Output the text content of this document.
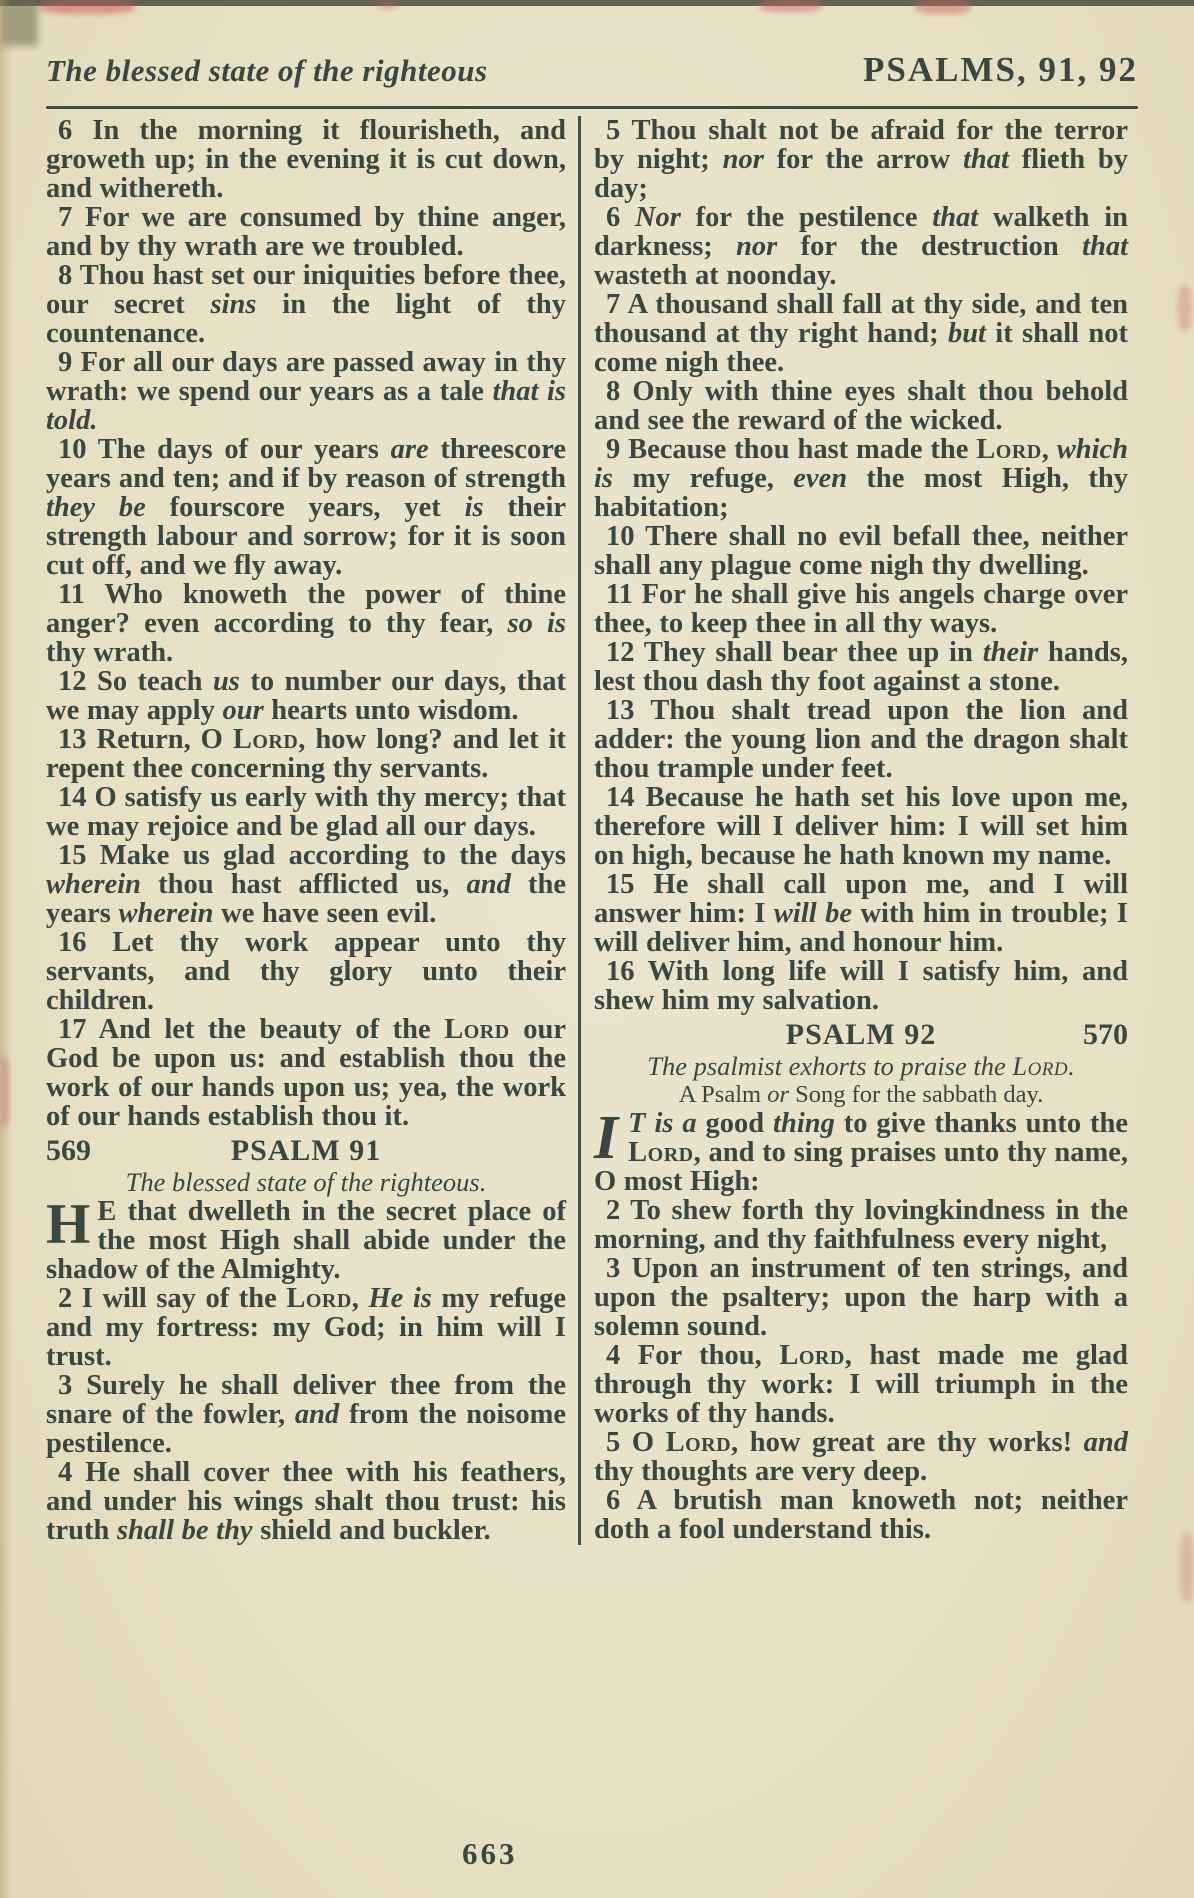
The blessed state of the righteous	PSALMS, 91, 92

6 In the morning it flourisheth, and groweth up; in the evening it is cut down, and withereth.

7 For we are consumed by thine anger, and by thy wrath are we troubled.

8 Thou hast set our iniquities before thee, our secret sins in the light of thy countenance.

9 For all our days are passed away in thy wrath: we spend our years as a tale that is told.

10 The days of our years are threescore years and ten; and if by reason of strength they be fourscore years, yet is their strength labour and sorrow; for it is soon cut off, and we fly away.

11 Who knoweth the power of thine anger? even according to thy fear, so is thy wrath.

12 So teach us to number our days, that we may apply our hearts unto wisdom.

13 Return, O Lord, how long? and let it repent thee concerning thy servants.

14 O satisfy us early with thy mercy; that we may rejoice and be glad all our days.

15 Make us glad according to the days wherein thou hast afflicted us, and the years wherein we have seen evil.

16 Let thy work appear unto thy servants, and thy glory unto their children.

17 And let the beauty of the Lord our God be upon us: and establish thou the work of our hands upon us; yea, the work of our hands establish thou it.

569	PSALM 91

The blessed state of the righteous.

H E that dwelleth in the secret place of the most High shall abide under the shadow of the Almighty.

2 I will say of the Lord, He is my refuge and my fortress: my God; in him will I trust.

3 Surely he shall deliver thee from the snare of the fowler, and from the noisome pestilence.

4 He shall cover thee with his feathers, and under his wings shalt thou trust: his truth shall be thy shield and buckler.

5 Thou shalt not be afraid for the terror by night; nor for the arrow that flieth by day;

6 Nor for the pestilence that walketh in darkness; nor for the destruction that wasteth at noonday.

7 A thousand shall fall at thy side, and ten thousand at thy right hand; but it shall not come nigh thee.

8 Only with thine eyes shalt thou behold and see the reward of the wicked.

9 Because thou hast made the Lord, which is my refuge, even the most High, thy habitation;

10 There shall no evil befall thee, neither shall any plague come nigh thy dwelling.

11 For he shall give his angels charge over thee, to keep thee in all thy ways.

12 They shall bear thee up in their hands, lest thou dash thy foot against a stone.

13 Thou shalt tread upon the lion and adder: the young lion and the dragon shalt thou trample under feet.

14 Because he hath set his love upon me, therefore will I deliver him: I will set him on high, because he hath known my name.

15 He shall call upon me, and I will answer him: I will be with him in trouble; I will deliver him, and honour him.

16 With long life will I satisfy him, and shew him my salvation.

PSALM 92	570

The psalmist exhorts to praise the Lord.

A Psalm or Song for the sabbath day.

I T is a good thing to give thanks unto the Lord, and to sing praises unto thy name, O most High:

2 To shew forth thy lovingkindness in the morning, and thy faithfulness every night,

3 Upon an instrument of ten strings, and upon the psaltery; upon the harp with a solemn sound.

4 For thou, Lord, hast made me glad through thy work: I will triumph in the works of thy hands.

5 O Lord, how great are thy works! and thy thoughts are very deep.

6 A brutish man knoweth not; neither doth a fool understand this.

663
